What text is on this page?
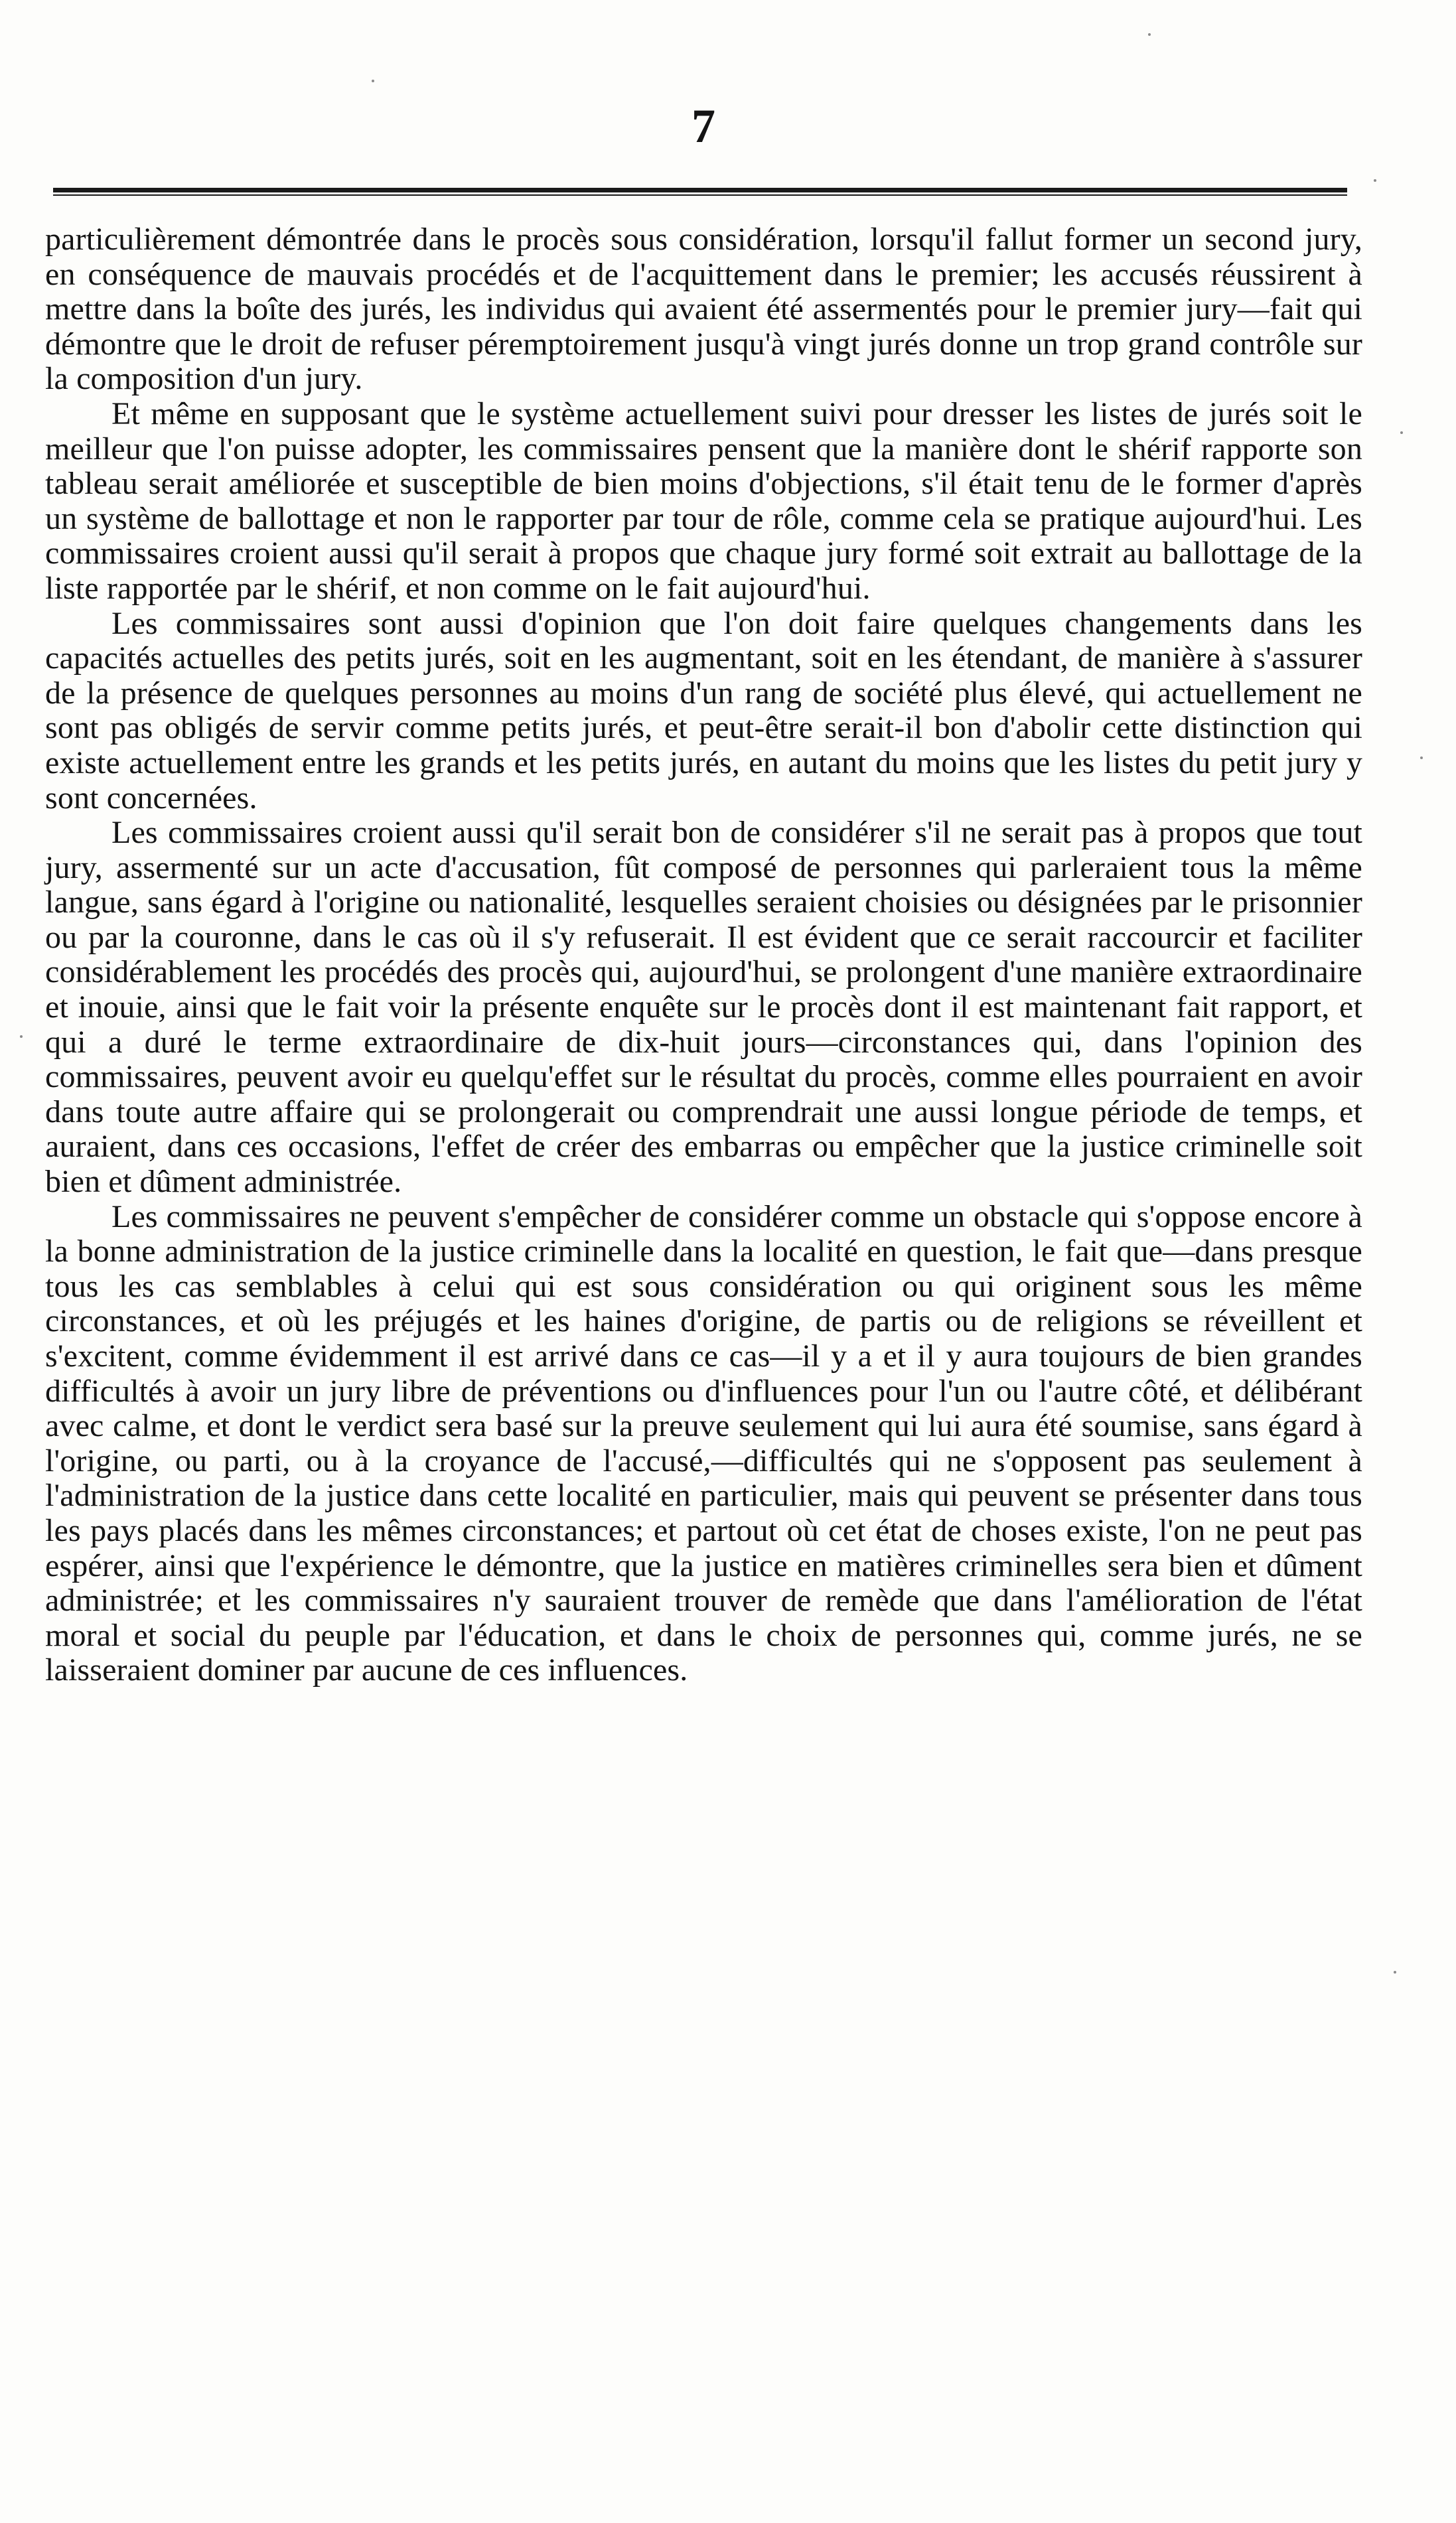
7

particulièrement démontrée dans le procès sous considération, lorsqu'il fallut former un second jury, en conséquence de mauvais procédés et de l'acquittement dans le premier; les accusés réussirent à mettre dans la boîte des jurés, les individus qui avaient été assermentés pour le premier jury—fait qui démontre que le droit de refuser péremptoirement jusqu'à vingt jurés donne un trop grand contrôle sur la composition d'un jury.

Et même en supposant que le système actuellement suivi pour dresser les listes de jurés soit le meilleur que l'on puisse adopter, les commissaires pensent que la manière dont le shérif rapporte son tableau serait améliorée et susceptible de bien moins d'objections, s'il était tenu de le former d'après un système de ballottage et non le rapporter par tour de rôle, comme cela se pratique aujourd'hui. Les commissaires croient aussi qu'il serait à propos que chaque jury formé soit extrait au ballottage de la liste rapportée par le shérif, et non comme on le fait aujourd'hui.

Les commissaires sont aussi d'opinion que l'on doit faire quelques changements dans les capacités actuelles des petits jurés, soit en les augmentant, soit en les étendant, de manière à s'assurer de la présence de quelques personnes au moins d'un rang de société plus élevé, qui actuellement ne sont pas obligés de servir comme petits jurés, et peut-être serait-il bon d'abolir cette distinction qui existe actuellement entre les grands et les petits jurés, en autant du moins que les listes du petit jury y sont concernées.

Les commissaires croient aussi qu'il serait bon de considérer s'il ne serait pas à propos que tout jury, assermenté sur un acte d'accusation, fût composé de personnes qui parleraient tous la même langue, sans égard à l'origine ou nationalité, lesquelles seraient choisies ou désignées par le prisonnier ou par la couronne, dans le cas où il s'y refuserait. Il est évident que ce serait raccourcir et faciliter considérablement les procédés des procès qui, aujourd'hui, se prolongent d'une manière extraordinaire et inouie, ainsi que le fait voir la présente enquête sur le procès dont il est maintenant fait rapport, et qui a duré le terme extraordinaire de dix-huit jours—circonstances qui, dans l'opinion des commissaires, peuvent avoir eu quelqu'effet sur le résultat du procès, comme elles pourraient en avoir dans toute autre affaire qui se prolongerait ou comprendrait une aussi longue période de temps, et auraient, dans ces occasions, l'effet de créer des embarras ou empêcher que la justice criminelle soit bien et dûment administrée.

Les commissaires ne peuvent s'empêcher de considérer comme un obstacle qui s'oppose encore à la bonne administration de la justice criminelle dans la localité en question, le fait que—dans presque tous les cas semblables à celui qui est sous considération ou qui originent sous les même circonstances, et où les préjugés et les haines d'origine, de partis ou de religions se réveillent et s'excitent, comme évidemment il est arrivé dans ce cas—il y a et il y aura toujours de bien grandes difficultés à avoir un jury libre de préventions ou d'influences pour l'un ou l'autre côté, et délibérant avec calme, et dont le verdict sera basé sur la preuve seulement qui lui aura été soumise, sans égard à l'origine, ou parti, ou à la croyance de l'accusé,—difficultés qui ne s'opposent pas seulement à l'administration de la justice dans cette localité en particulier, mais qui peuvent se présenter dans tous les pays placés dans les mêmes circonstances; et partout où cet état de choses existe, l'on ne peut pas espérer, ainsi que l'expérience le démontre, que la justice en matières criminelles sera bien et dûment administrée; et les commissaires n'y sauraient trouver de remède que dans l'amélioration de l'état moral et social du peuple par l'éducation, et dans le choix de personnes qui, comme jurés, ne se laisseraient dominer par aucune de ces influences.
